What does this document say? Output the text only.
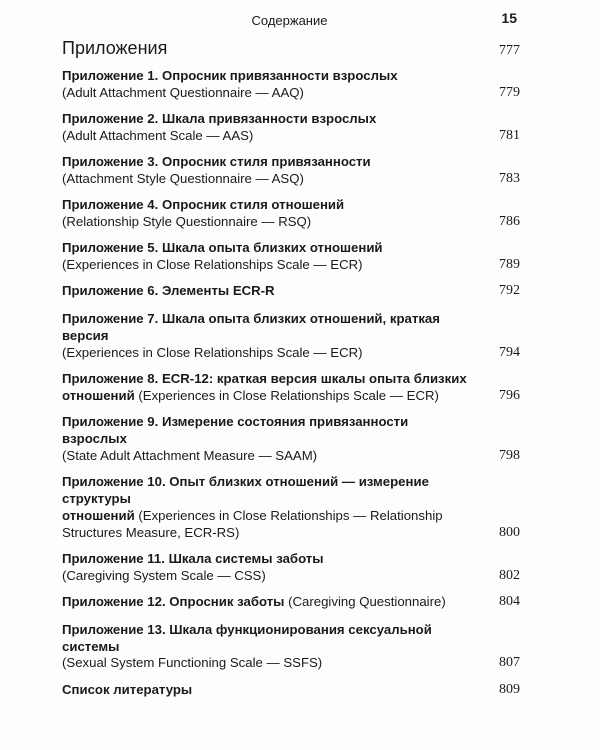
Содержание	15
Приложения	777
Приложение 1. Опросник привязанности взрослых
(Adult Attachment Questionnaire — AAQ)	779
Приложение 2. Шкала привязанности взрослых
(Adult Attachment Scale — AAS)	781
Приложение 3. Опросник стиля привязанности
(Attachment Style Questionnaire — ASQ)	783
Приложение 4. Опросник стиля отношений
(Relationship Style Questionnaire — RSQ)	786
Приложение 5. Шкала опыта близких отношений
(Experiences in Close Relationships Scale — ECR)	789
Приложение 6. Элементы ECR-R	792
Приложение 7. Шкала опыта близких отношений, краткая версия
(Experiences in Close Relationships Scale — ECR)	794
Приложение 8. ECR-12: краткая версия шкалы опыта близких
отношений (Experiences in Close Relationships Scale — ECR)	796
Приложение 9. Измерение состояния привязанности взрослых
(State Adult Attachment Measure — SAAM)	798
Приложение 10. Опыт близких отношений — измерение структуры
отношений (Experiences in Close Relationships — Relationship
Structures Measure, ECR-RS)	800
Приложение 11. Шкала системы заботы
(Caregiving System Scale — CSS)	802
Приложение 12. Опросник заботы (Caregiving Questionnaire)	804
Приложение 13. Шкала функционирования сексуальной системы
(Sexual System Functioning Scale — SSFS)	807
Список литературы	809
